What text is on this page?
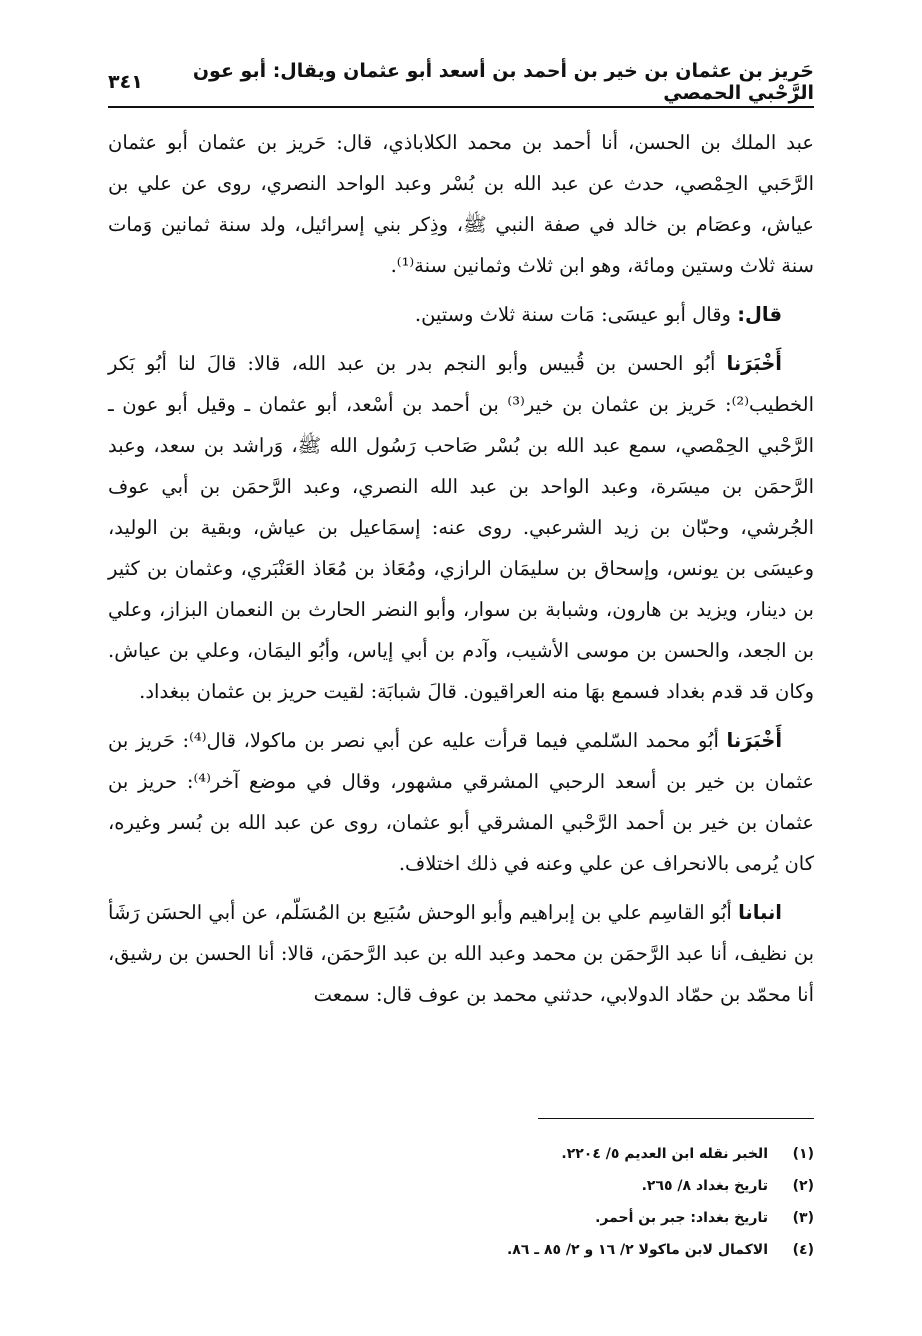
حَريز بن عثمان بن خير بن أحمد بن أسعد أبو عثمان ويقال: أبو عون الرَّحْبي الحمصي
٣٤١

عبد الملك بن الحسن، أنا أحمد بن محمد الكلاباذي، قال: حَريز بن عثمان أبو عثمان الرَّحَبي الحِمْصي، حدث عن عبد الله بن بُسْر وعبد الواحد النصري، روى عن علي بن عياش، وعصَام بن خالد في صفة النبي ﷺ، وذِكر بني إسرائيل، ولد سنة ثمانين وَمات سنة ثلاث وستين ومائة، وهو ابن ثلاث وثمانين سنة⁽¹⁾.

قال: وقال أبو عيسَى: مَات سنة ثلاث وستين.

أَخْبَرَنا أبُو الحسن بن قُبيس وأبو النجم بدر بن عبد الله، قالا: قالَ لنا أبُو بَكر الخطيب⁽²⁾: حَريز بن عثمان بن خير⁽³⁾ بن أحمد بن أسْعد، أبو عثمان ـ وقيل أبو عون ـ الرَّحْبي الحِمْصي، سمع عبد الله بن بُسْر صَاحب رَسُول الله ﷺ، وَراشد بن سعد، وعبد الرَّحمَن بن ميسَرة، وعبد الواحد بن عبد الله النصري، وعبد الرَّحمَن بن أبي عوف الجُرشي، وحبّان بن زيد الشرعبي. روى عنه: إسمَاعيل بن عياش، وبقية بن الوليد، وعيسَى بن يونس، وإسحاق بن سليمَان الرازي، ومُعَاذ بن مُعَاذ العَنْبَري، وعثمان بن كثير بن دينار، ويزيد بن هارون، وشبابة بن سوار، وأبو النضر الحارث بن النعمان البزاز، وعلي بن الجعد، والحسن بن موسى الأشيب، وآدم بن أبي إياس، وأبُو اليمَان، وعلي بن عياش. وكان قد قدم بغداد فسمع بهَا منه العراقيون. قالَ شبابَة: لقيت حريز بن عثمان ببغداد.

أَخْبَرَنا أبُو محمد السّلمي فيما قرأت عليه عن أبي نصر بن ماكولا، قال⁽⁴⁾: حَريز بن عثمان بن خير بن أسعد الرحبي المشرقي مشهور، وقال في موضع آخر⁽⁴⁾: حريز بن عثمان بن خير بن أحمد الرَّحْبي المشرقي أبو عثمان، روى عن عبد الله بن بُسر وغيره، كان يُرمى بالانحراف عن علي وعنه في ذلك اختلاف.

انبانا أبُو القاسِم علي بن إبراهيم وأبو الوحش سُبَيع بن المُسَلّم، عن أبي الحسَن رَشَأ بن نظيف، أنا عبد الرَّحمَن بن محمد وعبد الله بن عبد الرَّحمَن، قالا: أنا الحسن بن رشيق، أنا محمّد بن حمّاد الدولابي، حدثني محمد بن عوف قال: سمعت

(١)
الخبر نقله ابن العديم ٥/ ٢٢٠٤.
(٢)
تاريخ بغداد ٨/ ٢٦٥.
(٣)
تاريخ بغداد: جبر بن أحمر.
(٤)
الاكمال لابن ماكولا ٢/ ١٦ و ٢/ ٨٥ ـ ٨٦.
